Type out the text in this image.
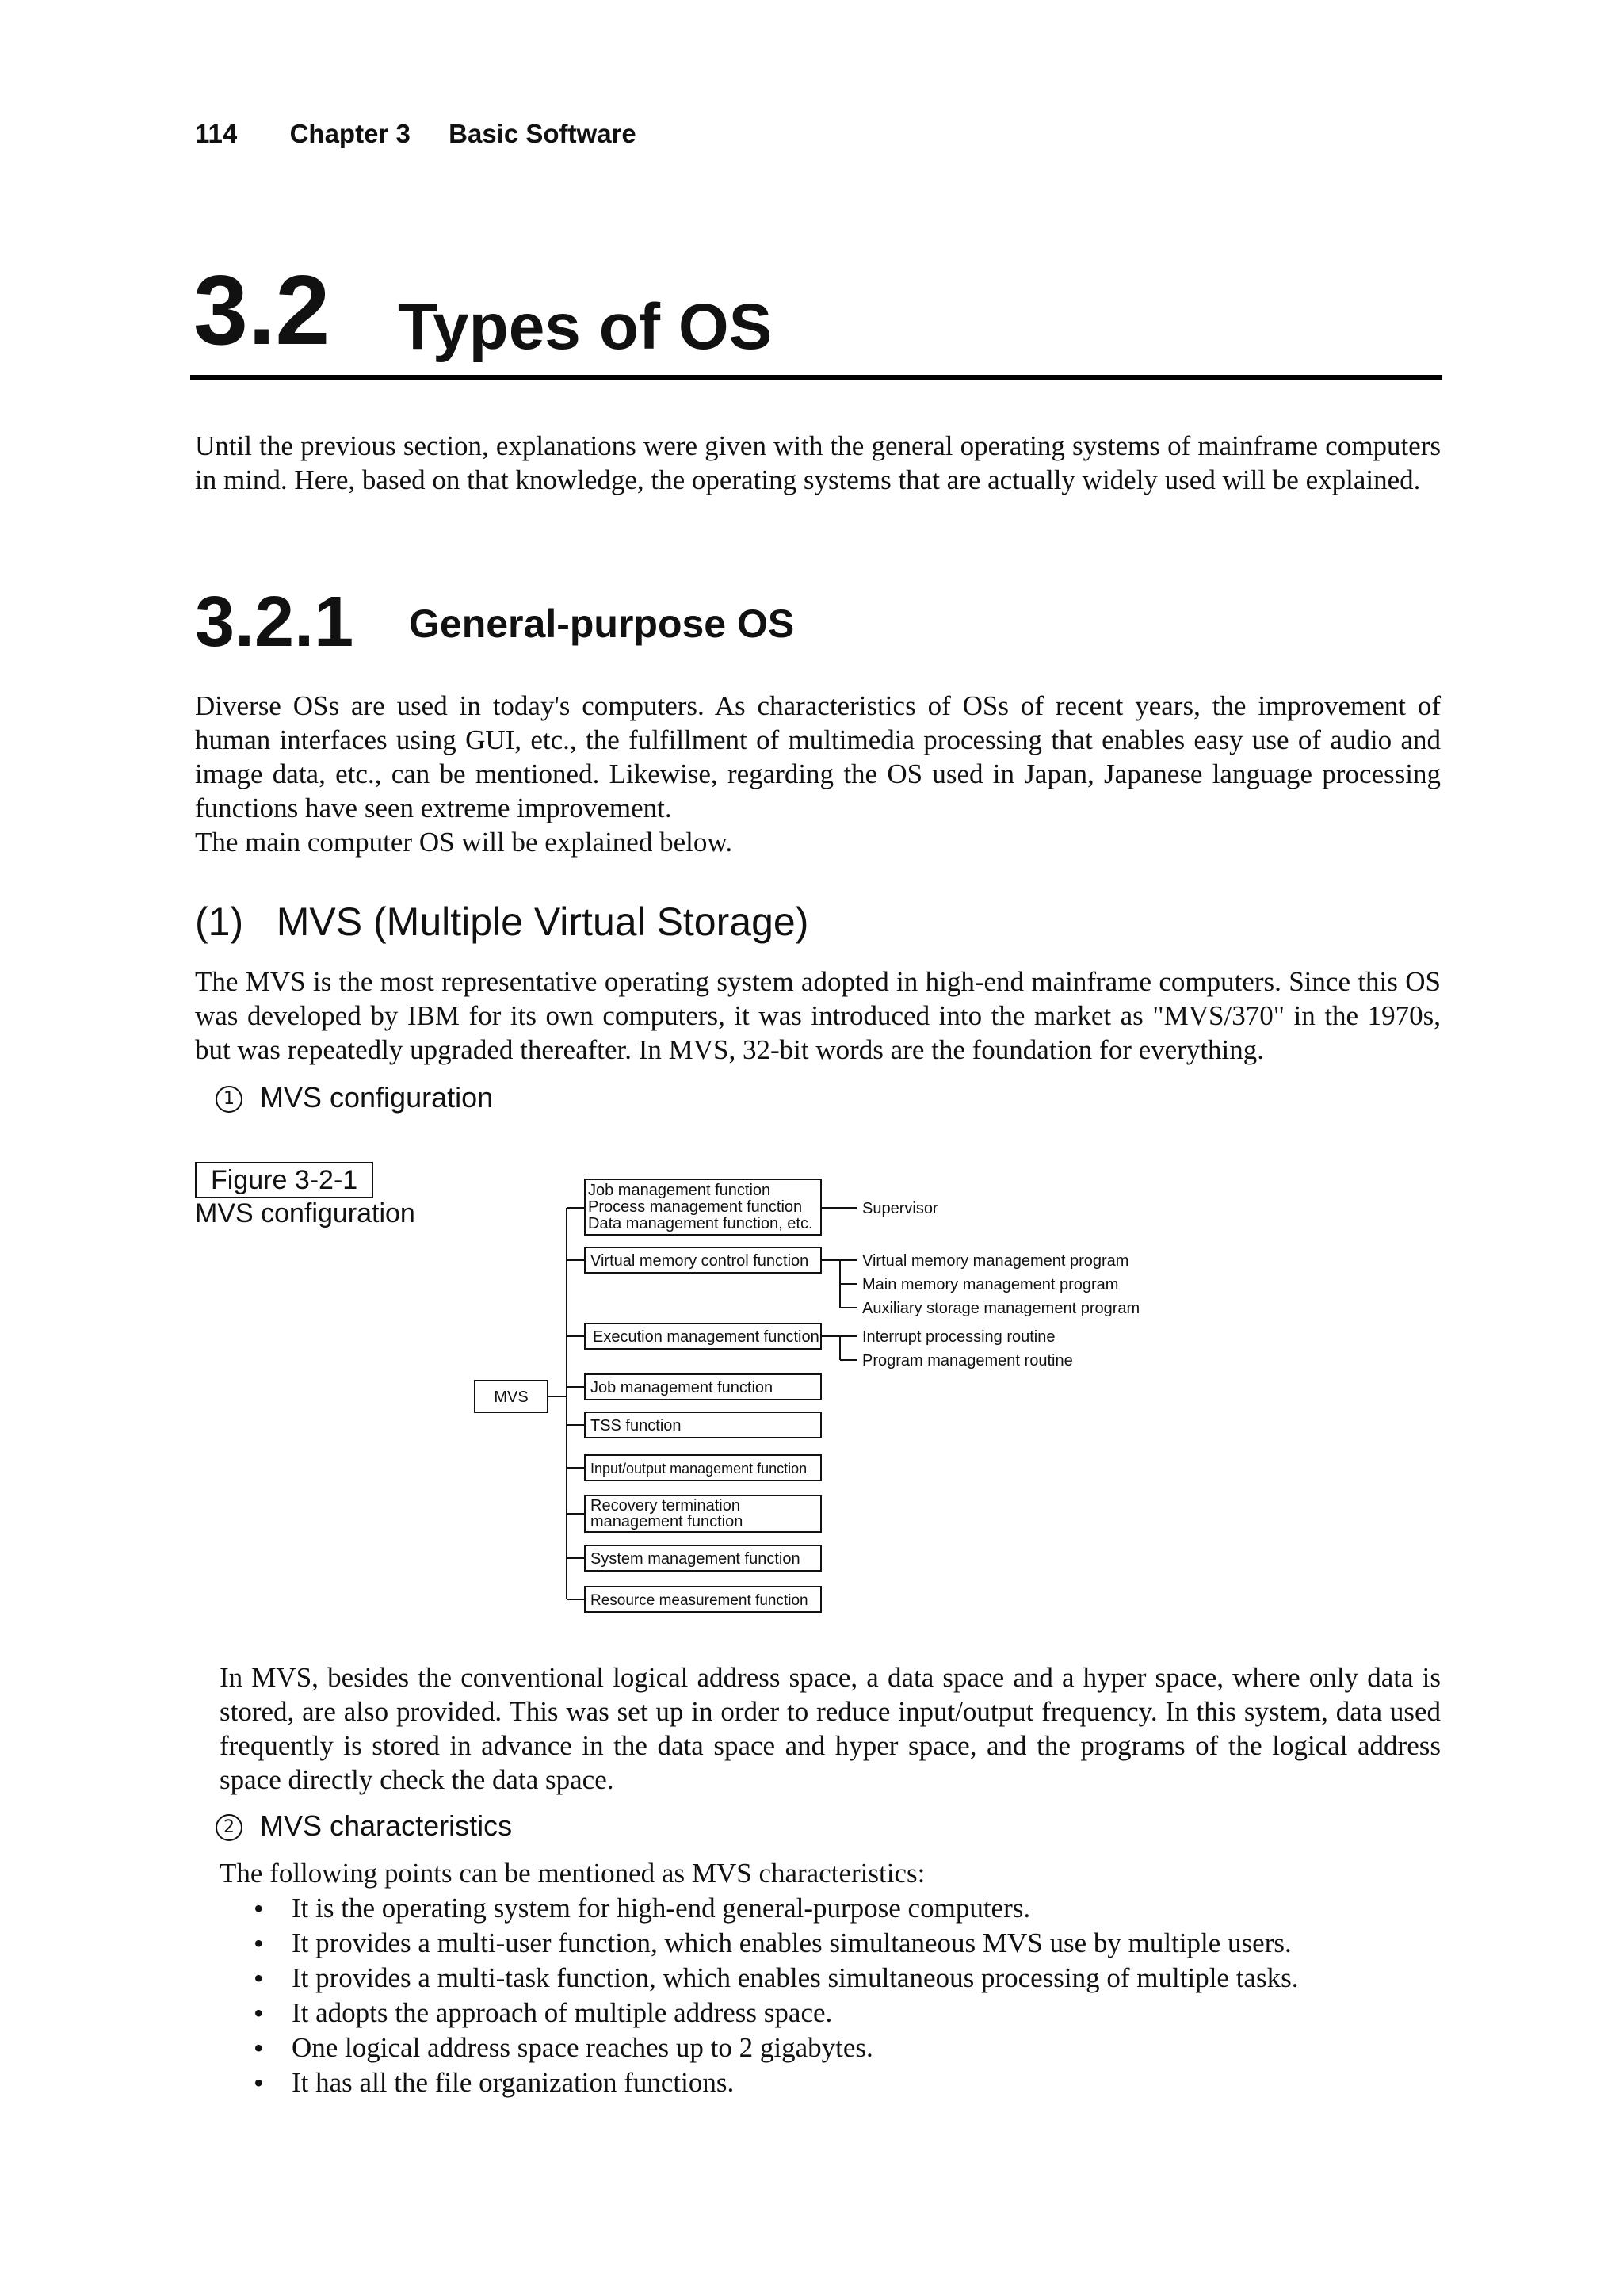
114 Chapter 3 Basic Software
3.2 Types of OS

Until the previous section, explanations were given with the general operating systems of mainframe computers in mind. Here, based on that knowledge, the operating systems that are actually widely used will be explained.

3.2.1 General-purpose OS

Diverse OSs are used in today's computers. As characteristics of OSs of recent years, the improvement of human interfaces using GUI, etc., the fulfillment of multimedia processing that enables easy use of audio and image data, etc., can be mentioned. Likewise, regarding the OS used in Japan, Japanese language processing functions have seen extreme improvement.

The main computer OS will be explained below.

(1)   MVS (Multiple Virtual Storage)

The MVS is the most representative operating system adopted in high-end mainframe computers. Since this OS was developed by IBM for its own computers, it was introduced into the market as "MVS/370" in the 1970s, but was repeatedly upgraded thereafter. In MVS, 32-bit words are the foundation for everything.

1 MVS configuration
Figure 3-2-1
MVS configuration
MVS
Job management function
Process management function
Data management function, etc.
Supervisor
Virtual memory control function	Virtual memory management program
Main memory management program
Auxiliary storage management program
Execution management function	Interrupt processing routine
Program management routine
Job management function
TSS function
Input/output management function
Recovery termination
management function
System management function
Resource measurement function

In MVS, besides the conventional logical address space, a data space and a hyper space, where only data is stored, are also provided. This was set up in order to reduce input/output frequency. In this system, data used frequently is stored in advance in the data space and hyper space, and the programs of the logical address space directly check the data space.

2 MVS characteristics

The following points can be mentioned as MVS characteristics:

• It is the operating system for high-end general-purpose computers.
• It provides a multi-user function, which enables simultaneous MVS use by multiple users.
• It provides a multi-task function, which enables simultaneous processing of multiple tasks.
• It adopts the approach of multiple address space.
• One logical address space reaches up to 2 gigabytes.
• It has all the file organization functions.
